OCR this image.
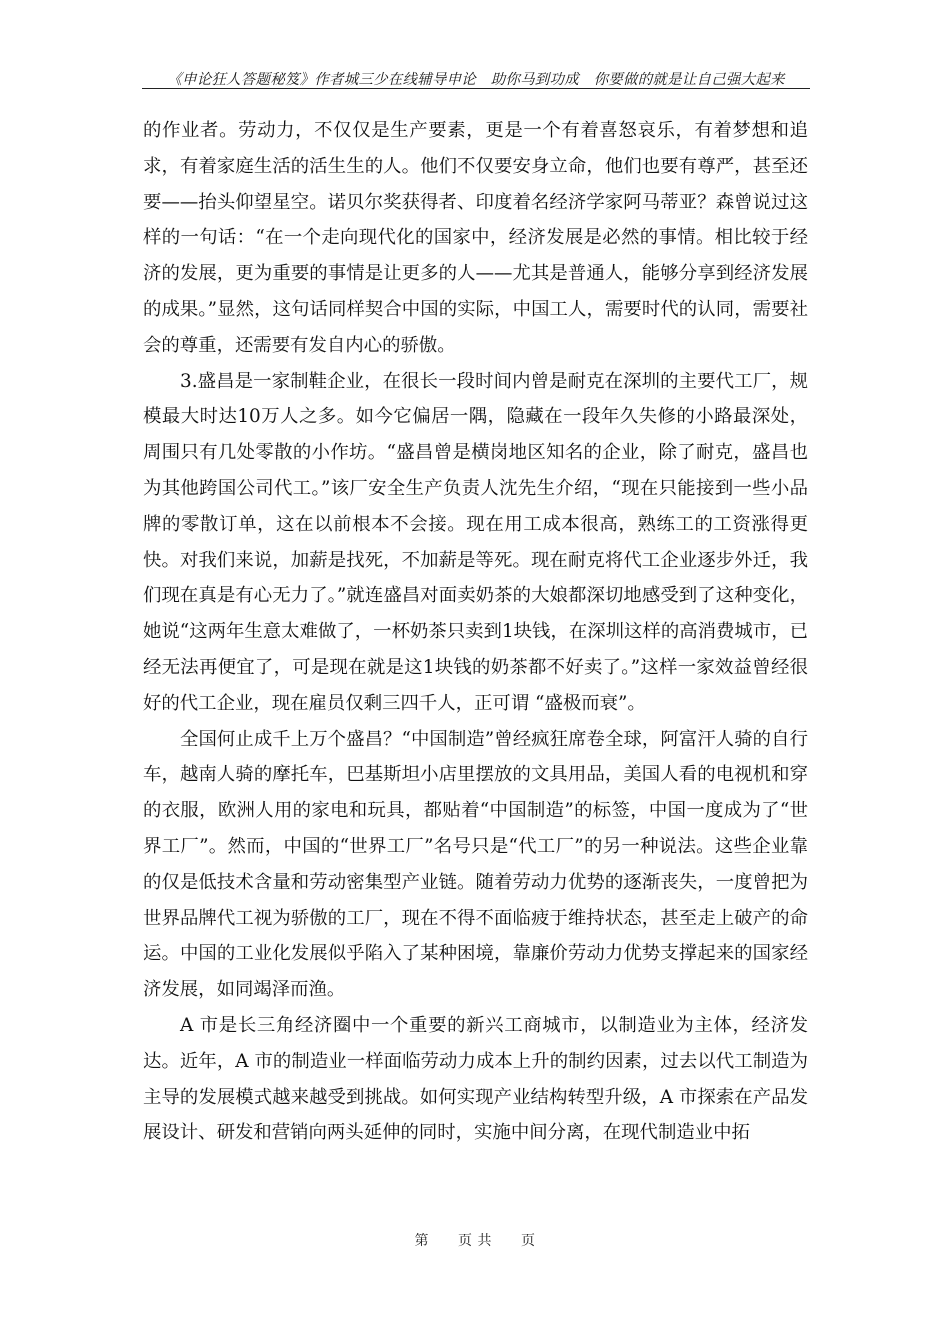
《申论狂人答题秘笈》作者城三少在线辅导申论　助你马到功成　你要做的就是让自己强大起来

的作业者。劳动力，不仅仅是生产要素，更是一个有着喜怒哀乐，有着梦想和追求，有着家庭生活的活生生的人。他们不仅要安身立命，他们也要有尊严，甚至还要——抬头仰望星空。诺贝尔奖获得者、印度着名经济学家阿马蒂亚？森曾说过这样的一句话：“在一个走向现代化的国家中，经济发展是必然的事情。相比较于经济的发展，更为重要的事情是让更多的人——尤其是普通人，能够分享到经济发展的成果。”显然，这句话同样契合中国的实际，中国工人，需要时代的认同，需要社会的尊重，还需要有发自内心的骄傲。

3.盛昌是一家制鞋企业，在很长一段时间内曾是耐克在深圳的主要代工厂，规模最大时达10万人之多。如今它偏居一隅，隐藏在一段年久失修的小路最深处，周围只有几处零散的小作坊。“盛昌曾是横岗地区知名的企业，除了耐克，盛昌也为其他跨国公司代工。”该厂安全生产负责人沈先生介绍，“现在只能接到一些小品牌的零散订单，这在以前根本不会接。现在用工成本很高，熟练工的工资涨得更快。对我们来说，加薪是找死，不加薪是等死。现在耐克将代工企业逐步外迁，我们现在真是有心无力了。”就连盛昌对面卖奶茶的大娘都深切地感受到了这种变化，她说“这两年生意太难做了，一杯奶茶只卖到1块钱，在深圳这样的高消费城市，已经无法再便宜了，可是现在就是这1块钱的奶茶都不好卖了。”这样一家效益曾经很好的代工企业，现在雇员仅剩三四千人，正可谓 “盛极而衰”。

全国何止成千上万个盛昌？“中国制造”曾经疯狂席卷全球，阿富汗人骑的自行车，越南人骑的摩托车，巴基斯坦小店里摆放的文具用品，美国人看的电视机和穿的衣服，欧洲人用的家电和玩具，都贴着“中国制造”的标签，中国一度成为了“世界工厂”。然而，中国的“世界工厂”名号只是“代工厂”的另一种说法。这些企业靠的仅是低技术含量和劳动密集型产业链。随着劳动力优势的逐渐丧失，一度曾把为世界品牌代工视为骄傲的工厂，现在不得不面临疲于维持状态，甚至走上破产的命运。中国的工业化发展似乎陷入了某种困境，靠廉价劳动力优势支撑起来的国家经济发展，如同竭泽而渔。

A 市是长三角经济圈中一个重要的新兴工商城市，以制造业为主体，经济发达。近年，A 市的制造业一样面临劳动力成本上升的制约因素，过去以代工制造为主导的发展模式越来越受到挑战。如何实现产业结构转型升级，A 市探索在产品发展设计、研发和营销向两头延伸的同时，实施中间分离，在现代制造业中拓

第　　页 共　　页
